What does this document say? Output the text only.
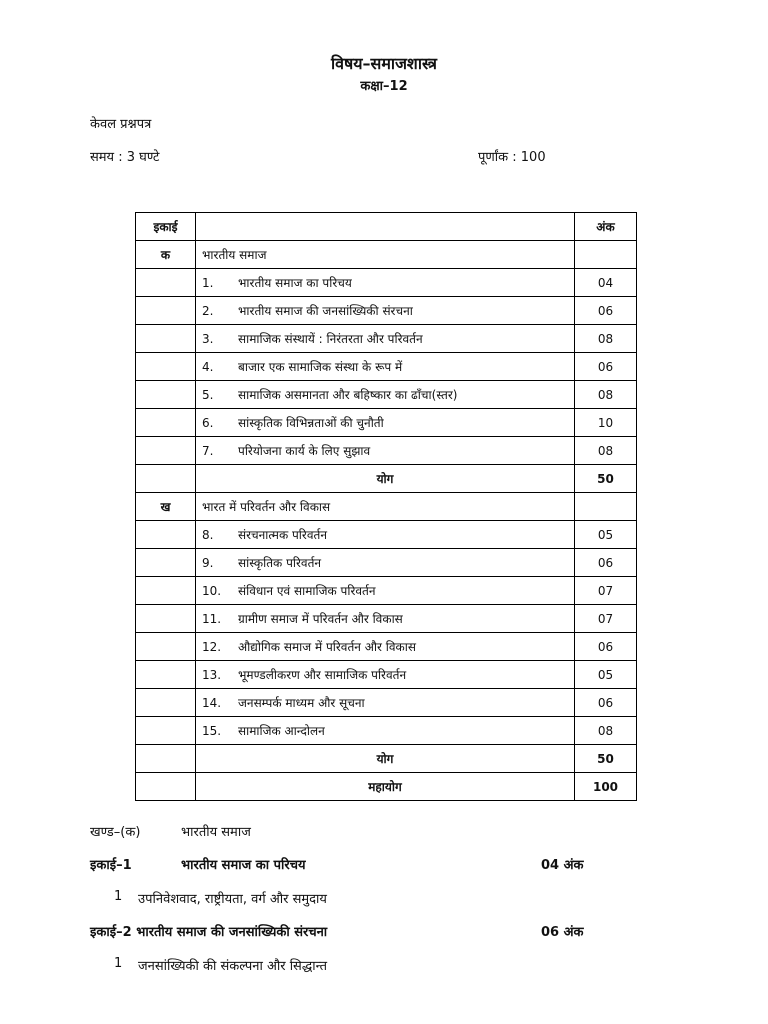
विषय–समाजशास्त्र
कक्षा–12
केवल प्रश्नपत्र
समय : 3 घण्टे	पूर्णांक : 100
इकाई		अंक
क	भारतीय समाज	
	1. भारतीय समाज का परिचय	04
	2. भारतीय समाज की जनसांख्यिकी संरचना	06
	3. सामाजिक संस्थायें : निरंतरता और परिवर्तन	08
	4. बाजार एक सामाजिक संस्था के रूप में	06
	5. सामाजिक असमानता और बहिष्कार का ढाँचा(स्तर)	08
	6. सांस्कृतिक विभिन्नताओं की चुनौती	10
	7. परियोजना कार्य के लिए सुझाव	08
	योग	50
ख	भारत में परिवर्तन और विकास	
	8. संरचनात्मक परिवर्तन	05
	9. सांस्कृतिक परिवर्तन	06
	10. संविधान एवं सामाजिक परिवर्तन	07
	11. ग्रामीण समाज में परिवर्तन और विकास	07
	12. औद्योगिक समाज में परिवर्तन और विकास	06
	13. भूमण्डलीकरण और सामाजिक परिवर्तन	05
	14. जनसम्पर्क माध्यम और सूचना	06
	15. सामाजिक आन्दोलन	08
	योग	50
	महायोग	100
खण्ड–(क)	भारतीय समाज
इकाई–1	भारतीय समाज का परिचय	04 अंक
1 उपनिवेशवाद, राष्ट्रीयता, वर्ग और समुदाय
इकाई–2 भारतीय समाज की जनसांख्यिकी संरचना	06 अंक
1 जनसांख्यिकी की संकल्पना और सिद्धान्त
